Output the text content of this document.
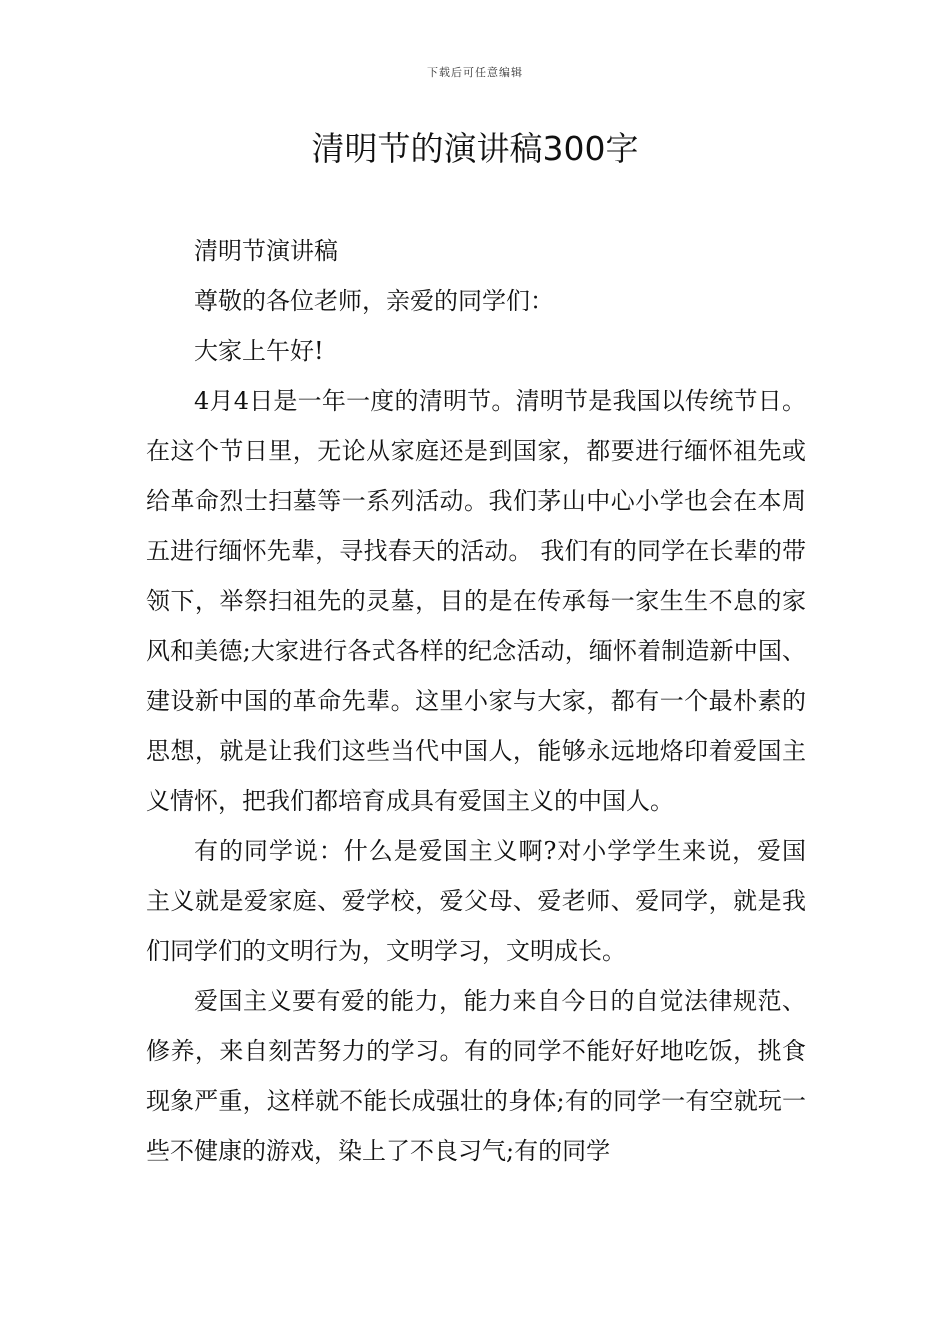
下载后可任意编辑
清明节的演讲稿300字

清明节演讲稿

尊敬的各位老师，亲爱的同学们：

大家上午好!

4月4日是一年一度的清明节。清明节是我国以传统节日。在这个节日里，无论从家庭还是到国家，都要进行缅怀祖先或给革命烈士扫墓等一系列活动。我们茅山中心小学也会在本周五进行缅怀先辈，寻找春天的活动。 我们有的同学在长辈的带领下，举祭扫祖先的灵墓，目的是在传承每一家生生不息的家风和美德;大家进行各式各样的纪念活动，缅怀着制造新中国、建设新中国的革命先辈。这里小家与大家，都有一个最朴素的思想，就是让我们这些当代中国人，能够永远地烙印着爱国主义情怀，把我们都培育成具有爱国主义的中国人。

有的同学说：什么是爱国主义啊?对小学学生来说，爱国主义就是爱家庭、爱学校，爱父母、爱老师、爱同学，就是我们同学们的文明行为，文明学习，文明成长。

爱国主义要有爱的能力，能力来自今日的自觉法律规范、修养，来自刻苦努力的学习。有的同学不能好好地吃饭，挑食现象严重，这样就不能长成强壮的身体;有的同学一有空就玩一些不健康的游戏，染上了不良习气;有的同学
